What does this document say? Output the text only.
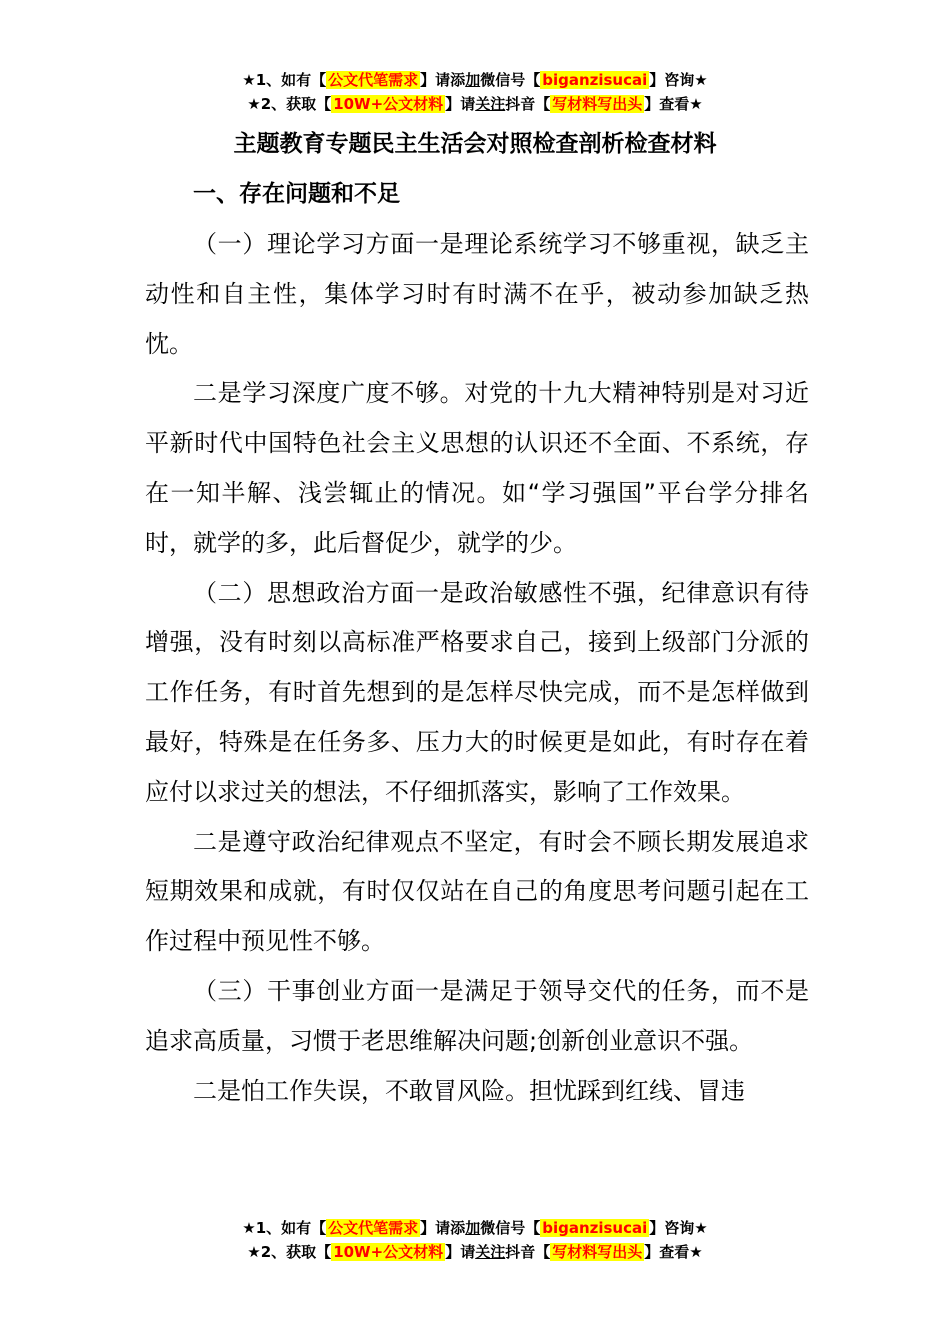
★1、如有【 公文代笔需求 】请添加微信号【 biganzisucai 】咨询★
★2、获取【 10W+公文材料 】请关注抖音【 写材料写出头 】查看★
主题教育专题民主生活会对照检查剖析检查材料
一、存在问题和不足

（一）理论学习方面一是理论系统学习不够重视，缺乏主动性和自主性，集体学习时有时满不在乎，被动参加缺乏热忱。

二是学习深度广度不够。对党的十九大精神特别是对习近平新时代中国特色社会主义思想的认识还不全面、不系统，存在一知半解、浅尝辄止的情况。如“学习强国”平台学分排名时，就学的多，此后督促少，就学的少。

（二）思想政治方面一是政治敏感性不强，纪律意识有待增强，没有时刻以高标准严格要求自己，接到上级部门分派的工作任务，有时首先想到的是怎样尽快完成，而不是怎样做到最好，特殊是在任务多、压力大的时候更是如此，有时存在着应付以求过关的想法，不仔细抓落实，影响了工作效果。

二是遵守政治纪律观点不坚定，有时会不顾长期发展追求短期效果和成就，有时仅仅站在自己的角度思考问题引起在工作过程中预见性不够。

（三）干事创业方面一是满足于领导交代的任务，而不是追求高质量，习惯于老思维解决问题;创新创业意识不强。

二是怕工作失误，不敢冒风险。担忧踩到红线、冒违

★1、如有【 公文代笔需求 】请添加微信号【 biganzisucai 】咨询★
★2、获取【 10W+公文材料 】请关注抖音【 写材料写出头 】查看★
